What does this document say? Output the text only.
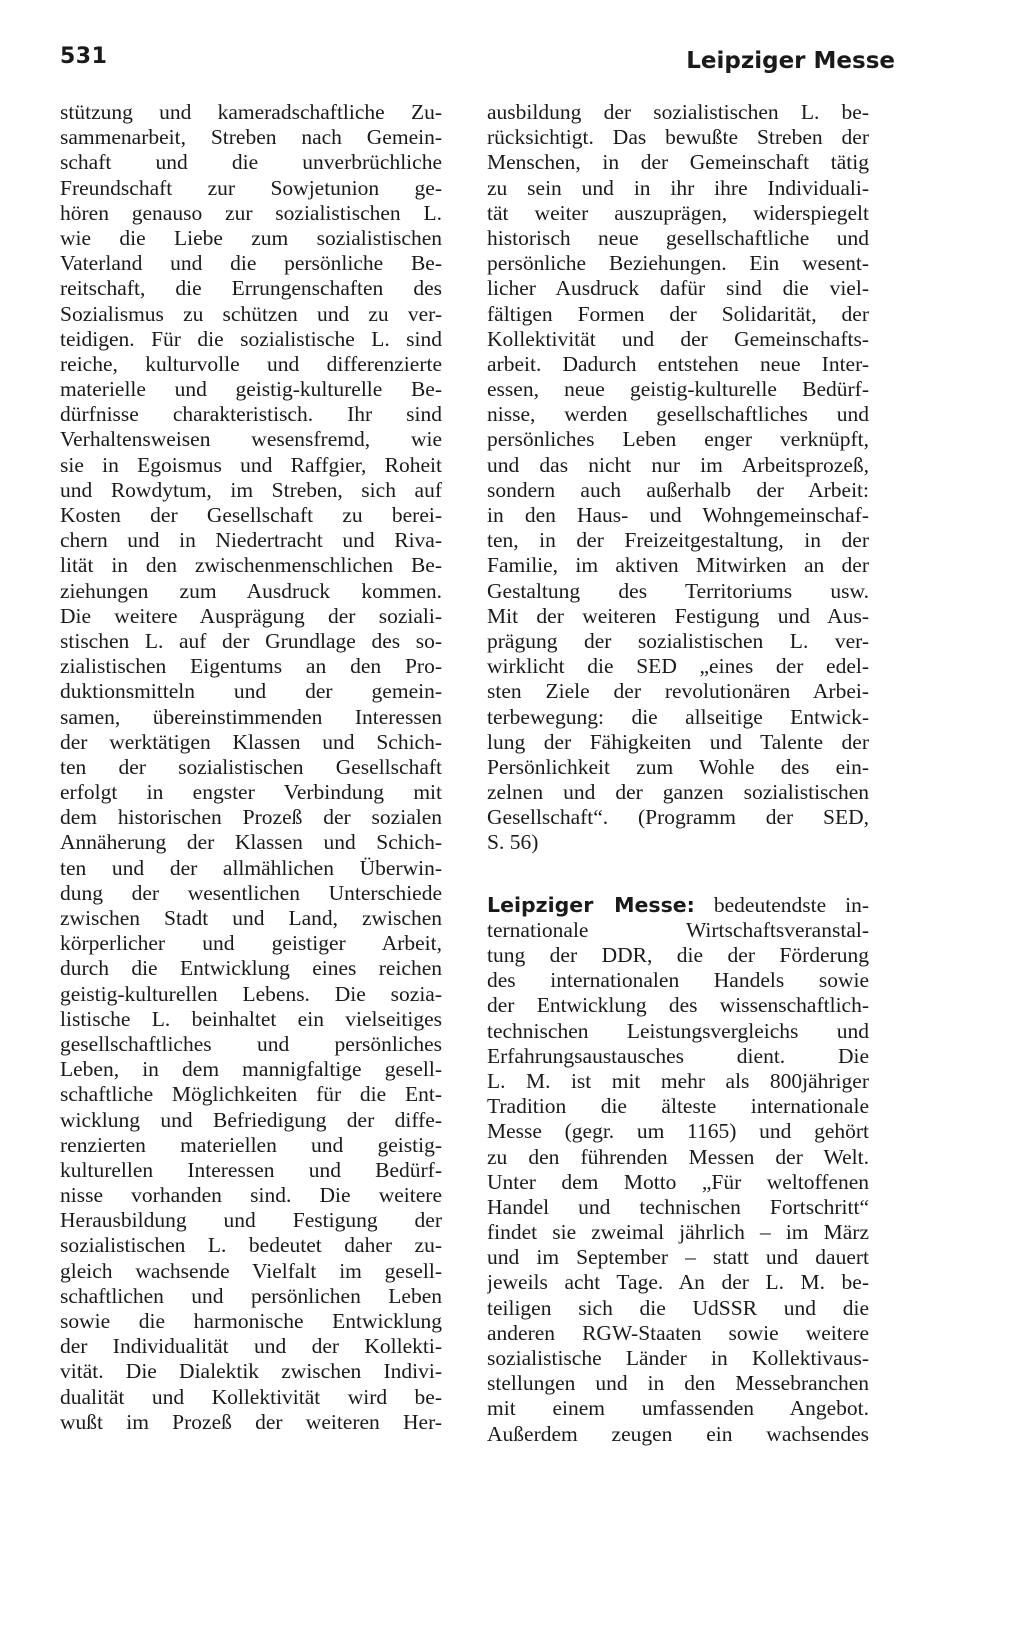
531	Leipziger Messe
stützung und kameradschaftliche Zu-
sammenarbeit, Streben nach Gemein-
schaft und die unverbrüchliche
Freundschaft zur Sowjetunion ge-
hören genauso zur sozialistischen L.
wie die Liebe zum sozialistischen
Vaterland und die persönliche Be-
reitschaft, die Errungenschaften des
Sozialismus zu schützen und zu ver-
teidigen. Für die sozialistische L. sind
reiche, kulturvolle und differenzierte
materielle und geistig-kulturelle Be-
dürfnisse charakteristisch. Ihr sind
Verhaltensweisen wesensfremd, wie
sie in Egoismus und Raffgier, Roheit
und Rowdytum, im Streben, sich auf
Kosten der Gesellschaft zu berei-
chern und in Niedertracht und Riva-
lität in den zwischenmenschlichen Be-
ziehungen zum Ausdruck kommen.
Die weitere Ausprägung der soziali-
stischen L. auf der Grundlage des so-
zialistischen Eigentums an den Pro-
duktionsmitteln und der gemein-
samen, übereinstimmenden Interessen
der werktätigen Klassen und Schich-
ten der sozialistischen Gesellschaft
erfolgt in engster Verbindung mit
dem historischen Prozeß der sozialen
Annäherung der Klassen und Schich-
ten und der allmählichen Überwin-
dung der wesentlichen Unterschiede
zwischen Stadt und Land, zwischen
körperlicher und geistiger Arbeit,
durch die Entwicklung eines reichen
geistig-kulturellen Lebens. Die sozia-
listische L. beinhaltet ein vielseitiges
gesellschaftliches und persönliches
Leben, in dem mannigfaltige gesell-
schaftliche Möglichkeiten für die Ent-
wicklung und Befriedigung der diffe-
renzierten materiellen und geistig-
kulturellen Interessen und Bedürf-
nisse vorhanden sind. Die weitere
Herausbildung und Festigung der
sozialistischen L. bedeutet daher zu-
gleich wachsende Vielfalt im gesell-
schaftlichen und persönlichen Leben
sowie die harmonische Entwicklung
der Individualität und der Kollekti-
vität. Die Dialektik zwischen Indivi-
dualität und Kollektivität wird be-
wußt im Prozeß der weiteren Her-
ausbildung der sozialistischen L. be-
rücksichtigt. Das bewußte Streben der
Menschen, in der Gemeinschaft tätig
zu sein und in ihr ihre Individuali-
tät weiter auszuprägen, widerspiegelt
historisch neue gesellschaftliche und
persönliche Beziehungen. Ein wesent-
licher Ausdruck dafür sind die viel-
fältigen Formen der Solidarität, der
Kollektivität und der Gemeinschafts-
arbeit. Dadurch entstehen neue Inter-
essen, neue geistig-kulturelle Bedürf-
nisse, werden gesellschaftliches und
persönliches Leben enger verknüpft,
und das nicht nur im Arbeitsprozeß,
sondern auch außerhalb der Arbeit:
in den Haus- und Wohngemeinschaf-
ten, in der Freizeitgestaltung, in der
Familie, im aktiven Mitwirken an der
Gestaltung des Territoriums usw.
Mit der weiteren Festigung und Aus-
prägung der sozialistischen L. ver-
wirklicht die SED „eines der edel-
sten Ziele der revolutionären Arbei-
terbewegung: die allseitige Entwick-
lung der Fähigkeiten und Talente der
Persönlichkeit zum Wohle des ein-
zelnen und der ganzen sozialistischen
Gesellschaft“. (Programm der SED,
S. 56)
Leipziger Messe: bedeutendste in-
ternationale Wirtschaftsveranstal-
tung der DDR, die der Förderung
des internationalen Handels sowie
der Entwicklung des wissenschaftlich-
technischen Leistungsvergleichs und
Erfahrungsaustausches dient. Die
L. M. ist mit mehr als 800jähriger
Tradition die älteste internationale
Messe (gegr. um 1165) und gehört
zu den führenden Messen der Welt.
Unter dem Motto „Für weltoffenen
Handel und technischen Fortschritt“
findet sie zweimal jährlich – im März
und im September – statt und dauert
jeweils acht Tage. An der L. M. be-
teiligen sich die UdSSR und die
anderen RGW-Staaten sowie weitere
sozialistische Länder in Kollektivaus-
stellungen und in den Messebranchen
mit einem umfassenden Angebot.
Außerdem zeugen ein wachsendes
